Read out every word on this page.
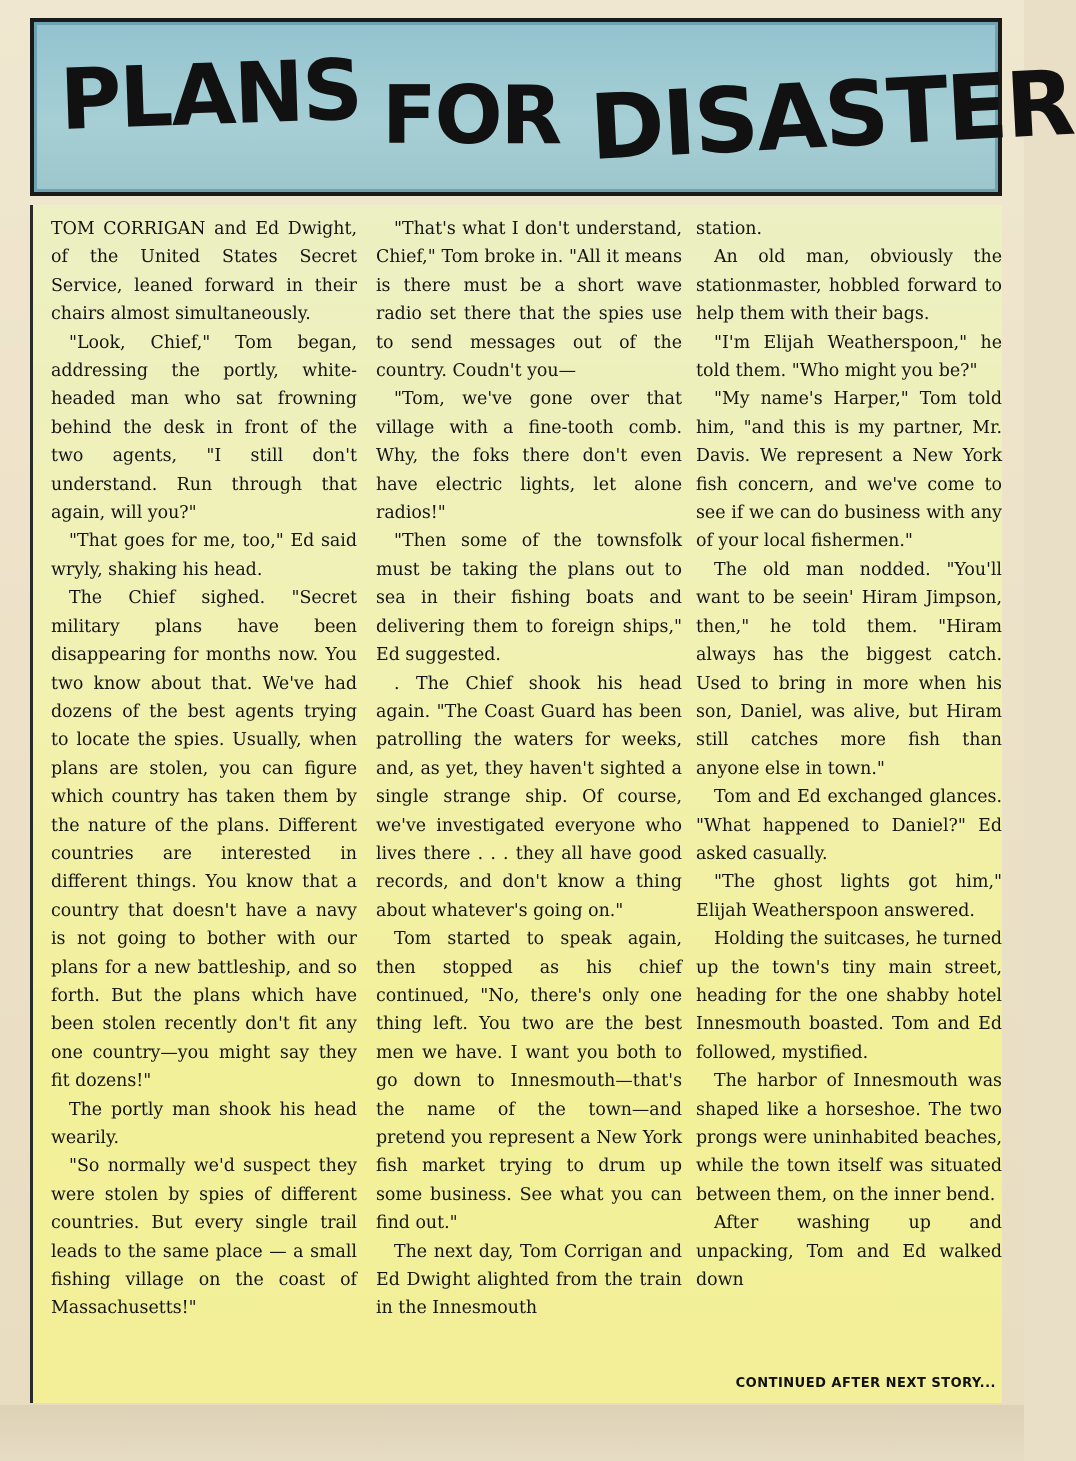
PLANS FOR DISASTER

TOM CORRIGAN and Ed Dwight, of the United States Secret Service, leaned forward in their chairs almost simultaneously.

"Look, Chief," Tom began, addressing the portly, white-headed man who sat frowning behind the desk in front of the two agents, "I still don't understand. Run through that again, will you?"

"That goes for me, too," Ed said wryly, shaking his head.

The Chief sighed. "Secret military plans have been disappearing for months now. You two know about that. We've had dozens of the best agents trying to locate the spies. Usually, when plans are stolen, you can figure which country has taken them by the nature of the plans. Different countries are interested in different things. You know that a country that doesn't have a navy is not going to bother with our plans for a new battleship, and so forth. But the plans which have been stolen recently don't fit any one country—you might say they fit dozens!"

The portly man shook his head wearily.

"So normally we'd suspect they were stolen by spies of different countries. But every single trail leads to the same place — a small fishing village on the coast of Massachusetts!"

"That's what I don't understand, Chief," Tom broke in. "All it means is there must be a short wave radio set there that the spies use to send messages out of the country. Coudn't you—

"Tom, we've gone over that village with a fine-tooth comb. Why, the foks there don't even have electric lights, let alone radios!"

"Then some of the townsfolk must be taking the plans out to sea in their fishing boats and delivering them to foreign ships," Ed suggested.

. The Chief shook his head again. "The Coast Guard has been patrolling the waters for weeks, and, as yet, they haven't sighted a single strange ship. Of course, we've investigated everyone who lives there . . . they all have good records, and don't know a thing about whatever's going on."

Tom started to speak again, then stopped as his chief continued, "No, there's only one thing left. You two are the best men we have. I want you both to go down to Innesmouth—that's the name of the town—and pretend you represent a New York fish market trying to drum up some business. See what you can find out."

The next day, Tom Corrigan and Ed Dwight alighted from the train in the Innesmouth

station.

An old man, obviously the stationmaster, hobbled forward to help them with their bags.

"I'm Elijah Weatherspoon," he told them. "Who might you be?"

"My name's Harper," Tom told him, "and this is my partner, Mr. Davis. We represent a New York fish concern, and we've come to see if we can do business with any of your local fishermen."

The old man nodded. "You'll want to be seein' Hiram Jimpson, then," he told them. "Hiram always has the biggest catch. Used to bring in more when his son, Daniel, was alive, but Hiram still catches more fish than anyone else in town."

Tom and Ed exchanged glances. "What happened to Daniel?" Ed asked casually.

"The ghost lights got him," Elijah Weatherspoon answered.

Holding the suitcases, he turned up the town's tiny main street, heading for the one shabby hotel Innesmouth boasted. Tom and Ed followed, mystified.

The harbor of Innesmouth was shaped like a horseshoe. The two prongs were uninhabited beaches, while the town itself was situated between them, on the inner bend.

After washing up and unpacking, Tom and Ed walked down

CONTINUED AFTER NEXT STORY...
